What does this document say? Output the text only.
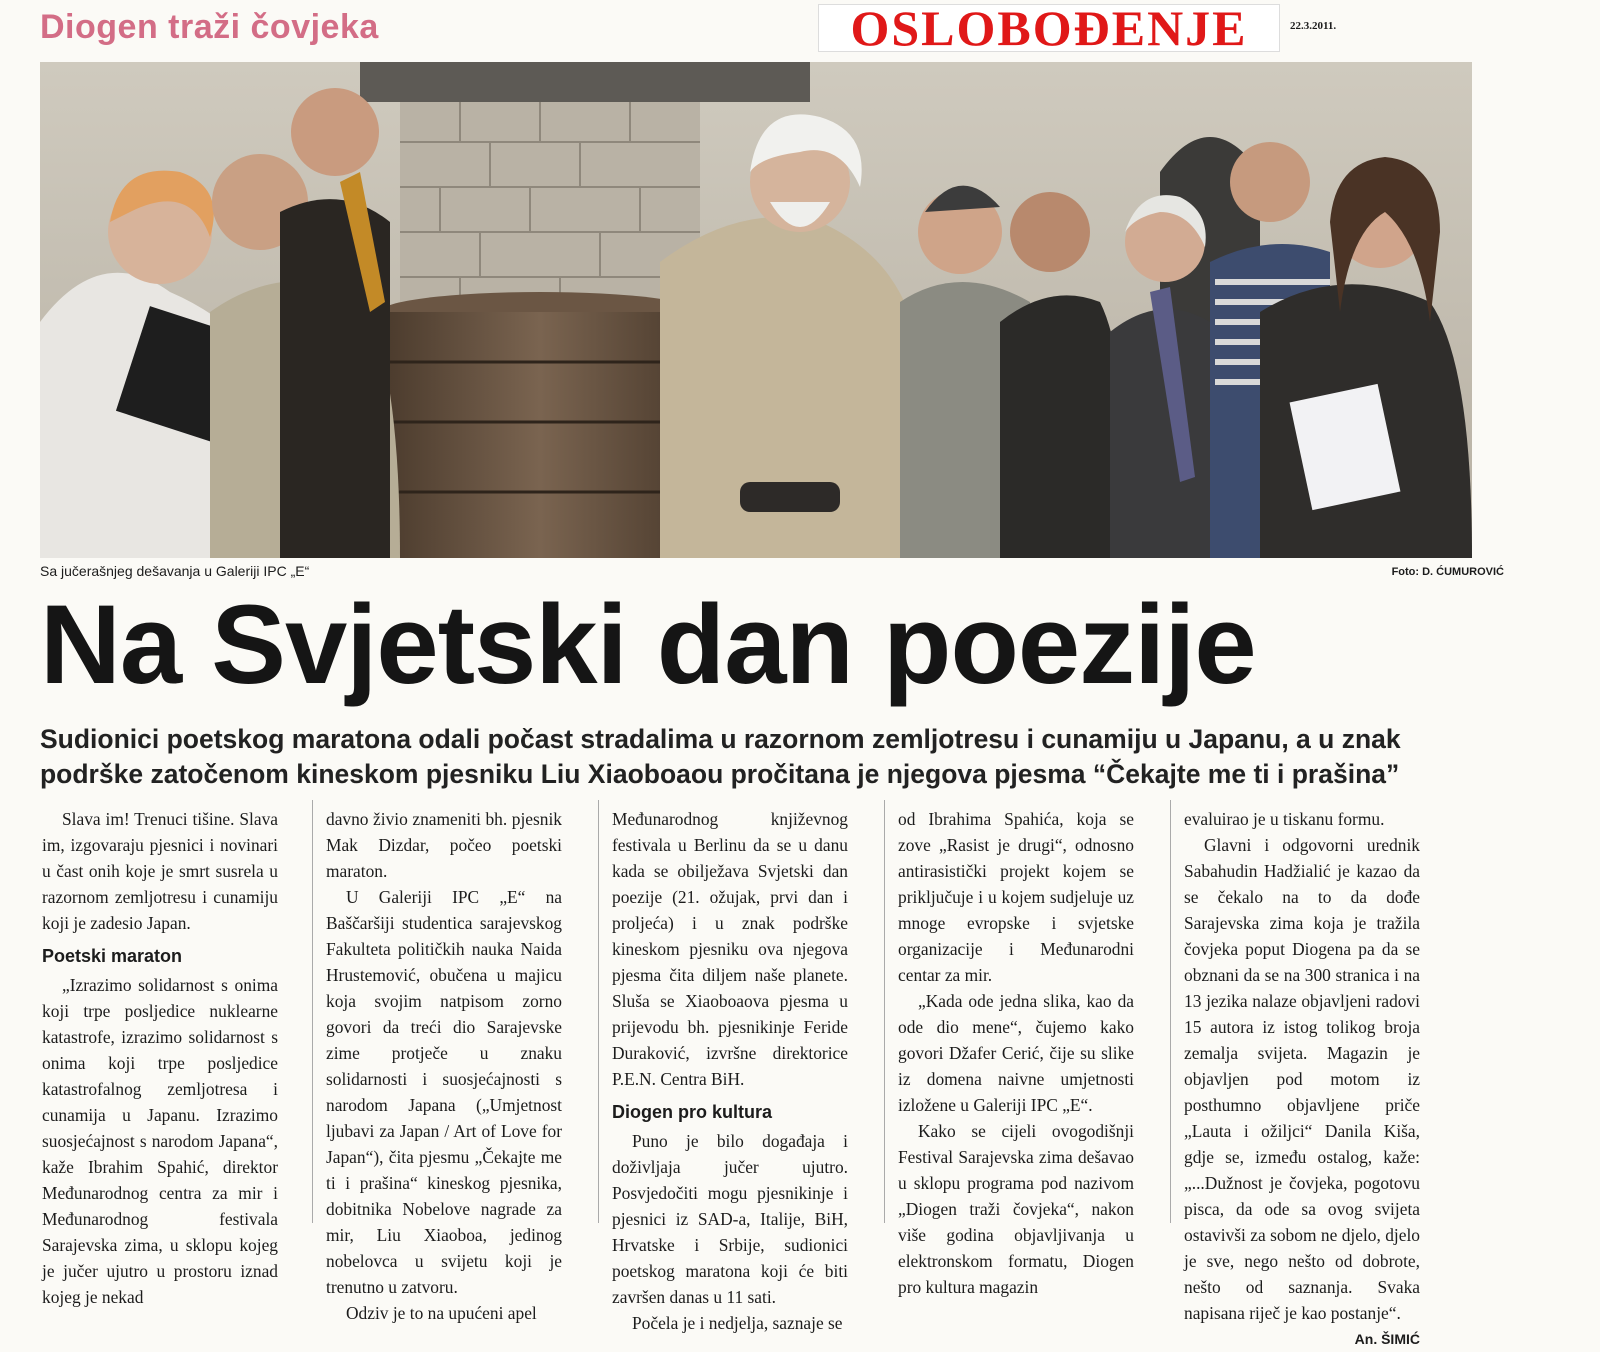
Diogen traži čovjeka	OSLOBOĐENJE	22.3.2011.
Sa jučerašnjeg dešavanja u Galeriji IPC „E“	Foto: D. ĆUMUROVIĆ
Na Svjetski dan poezije
Sudionici poetskog maratona odali počast stradalima u razornom zemljotresu i cunamiju u Japanu, a u znak podrške zatočenom kineskom pjesniku Liu Xiaoboaou pročitana je njegova pjesma “Čekajte me ti i prašina”

Slava im! Trenuci tišine. Slava im, izgovaraju pjesnici i novinari u čast onih koje je smrt susrela u razornom zemljotresu i cunamiju koji je zadesio Japan.

Poetski maraton

„Izrazimo solidarnost s onima koji trpe posljedice nuklearne katastrofe, izrazimo solidarnost s onima koji trpe posljedice katastrofalnog zemljotresa i cunamija u Japanu. Izrazimo suosjećajnost s narodom Japana“, kaže Ibrahim Spahić, direktor Međunarodnog centra za mir i Međunarodnog festivala Sarajevska zima, u sklopu kojeg je jučer ujutro u prostoru iznad kojeg je nekad

davno živio znameniti bh. pjesnik Mak Dizdar, počeo poetski maraton.

U Galeriji IPC „E“ na Baščaršiji studentica sarajevskog Fakulteta političkih nauka Naida Hrustemović, obučena u majicu koja svojim natpisom zorno govori da treći dio Sarajevske zime protječe u znaku solidarnosti i suosjećajnosti s narodom Japana („Umjetnost ljubavi za Japan / Art of Love for Japan“), čita pjesmu „Čekajte me ti i prašina“ kineskog pjesnika, dobitnika Nobelove nagrade za mir, Liu Xiaoboa, jedinog nobelovca u svijetu koji je trenutno u zatvoru.

Odziv je to na upućeni apel

Međunarodnog književnog festivala u Berlinu da se u danu kada se obilježava Svjetski dan poezije (21. ožujak, prvi dan i proljeća) i u znak podrške kineskom pjesniku ova njegova pjesma čita diljem naše planete. Sluša se Xiaoboaova pjesma u prijevodu bh. pjesnikinje Feride Duraković, izvršne direktorice P.E.N. Centra BiH.

Diogen pro kultura

Puno je bilo događaja i doživljaja jučer ujutro. Posvjedočiti mogu pjesnikinje i pjesnici iz SAD-a, Italije, BiH, Hrvatske i Srbije, sudionici poetskog maratona koji će biti završen danas u 11 sati.

Počela je i nedjelja, saznaje se

od Ibrahima Spahića, koja se zove „Rasist je drugi“, odnosno antirasistički projekt kojem se priključuje i u kojem sudjeluje uz mnoge evropske i svjetske organizacije i Međunarodni centar za mir.

„Kada ode jedna slika, kao da ode dio mene“, čujemo kako govori Džafer Cerić, čije su slike iz domena naivne umjetnosti izložene u Galeriji IPC „E“.

Kako se cijeli ovogodišnji Festival Sarajevska zima dešavao u sklopu programa pod nazivom „Diogen traži čovjeka“, nakon više godina objavljivanja u elektronskom formatu, Diogen pro kultura magazin

evaluirao je u tiskanu formu.

Glavni i odgovorni urednik Sabahudin Hadžialić je kazao da se čekalo na to da dođe Sarajevska zima koja je tražila čovjeka poput Diogena pa da se obznani da se na 300 stranica i na 13 jezika nalaze objavljeni radovi 15 autora iz istog tolikog broja zemalja svijeta. Magazin je objavljen pod motom iz posthumno objavljene priče „Lauta i ožiljci“ Danila Kiša, gdje se, između ostalog, kaže: „...Dužnost je čovjeka, pogotovu pisca, da ode sa ovog svijeta ostavivši za sobom ne djelo, djelo je sve, nego nešto od dobrote, nešto od saznanja. Svaka napisana riječ je kao postanje“.

An. ŠIMIĆ
